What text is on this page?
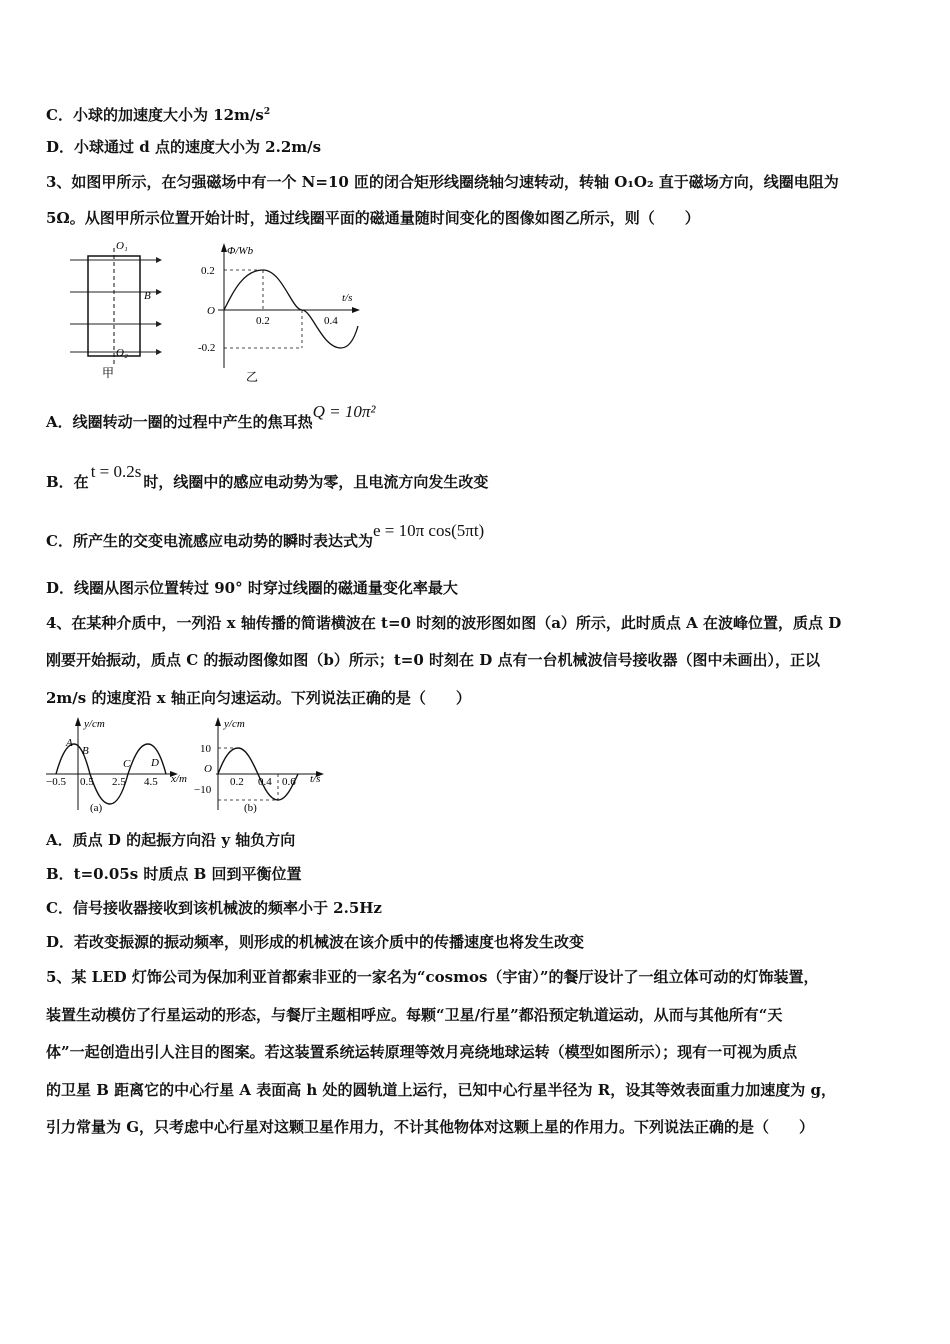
C．小球的加速度大小为 $12m/s^2$
D．小球通过 d 点的速度大小为 2.2m/s
3、如图甲所示，在匀强磁场中有一个 N=10 匝的闭合矩形线圈绕轴匀速转动，转轴 O₁O₂ 直于磁场方向，线圈电阻为
5Ω。从图甲所示位置开始计时，通过线圈平面的磁通量随时间变化的图像如图乙所示，则（　　）
O₁
O₂
B
甲
Φ/Wb
t/s
O
0.2
-0.2
0.2	0.4
乙
A．线圈转动一圈的过程中产生的焦耳热Q = 10π²
B．在t = 0.2s时，线圈中的感应电动势为零，且电流方向发生改变
C．所产生的交变电流感应电动势的瞬时表达式为e = 10π cos(5πt)
D．线圈从图示位置转过 90° 时穿过线圈的磁通量变化率最大
4、在某种介质中，一列沿 x 轴传播的简谐横波在 t=0 时刻的波形图如图（a）所示，此时质点 A 在波峰位置，质点 D
刚要开始振动，质点 C 的振动图像如图（b）所示；t=0 时刻在 D 点有一台机械波信号接收器（图中未画出），正以
2m/s 的速度沿 x 轴正向匀速运动。下列说法正确的是（　　）
y/cm
x/m
A
B
C D
−0.5 0.5 2.5 4.5
(a)
y/cm
t/s
O
10
−10
0.2 0.4 0.6
(b)
A．质点 D 的起振方向沿 y 轴负方向
B．t=0.05s 时质点 B 回到平衡位置
C．信号接收器接收到该机械波的频率小于 2.5Hz
D．若改变振源的振动频率，则形成的机械波在该介质中的传播速度也将发生改变
5、某 LED 灯饰公司为保加利亚首都索非亚的一家名为“cosmos（宇宙）”的餐厅设计了一组立体可动的灯饰装置，
装置生动模仿了行星运动的形态，与餐厅主题相呼应。每颗“卫星/行星”都沿预定轨道运动，从而与其他所有“天
体”一起创造出引人注目的图案。若这装置系统运转原理等效月亮绕地球运转（模型如图所示）；现有一可视为质点
的卫星 B 距离它的中心行星 A 表面高 h 处的圆轨道上运行，已知中心行星半径为 R，设其等效表面重力加速度为 g，
引力常量为 G，只考虑中心行星对这颗卫星作用力，不计其他物体对这颗上星的作用力。下列说法正确的是（　　）
